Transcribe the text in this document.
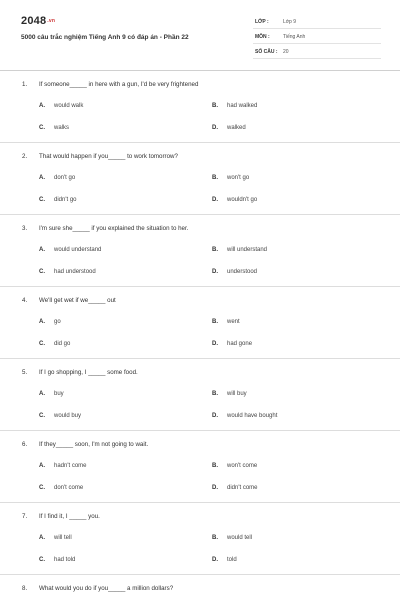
2048.vn
5000 câu trắc nghiệm Tiếng Anh 9 có đáp án - Phần 22
LỚP :	Lớp 9
MÔN :	Tiếng Anh
SỐ CÂU : 20
1. If someone_____ in here with a gun, I'd be very frightened
A. would walk	B. had walked
C. walks	D. walked
2. That would happen if you_____ to work tomorrow?
A. don't go	B. won't go
C. didn't go	D. wouldn't go
3. I'm sure she_____ if you explained the situation to her.
A. would understand	B. will understand
C. had understood	D. understood
4. We'll get wet if we_____ out
A. go	B. went
C. did go	D. had gone
5. If I go shopping, I _____ some food.
A. buy	B. will buy
C. would buy	D. would have bought
6. If they_____ soon, I'm not going to wait.
A. hadn't come	B. won't come
C. don't come	D. didn't come
7. If I find it, I _____ you.
A. will tell	B. would tell
C. had told	D. told
8. What would you do if you_____ a million dollars?
